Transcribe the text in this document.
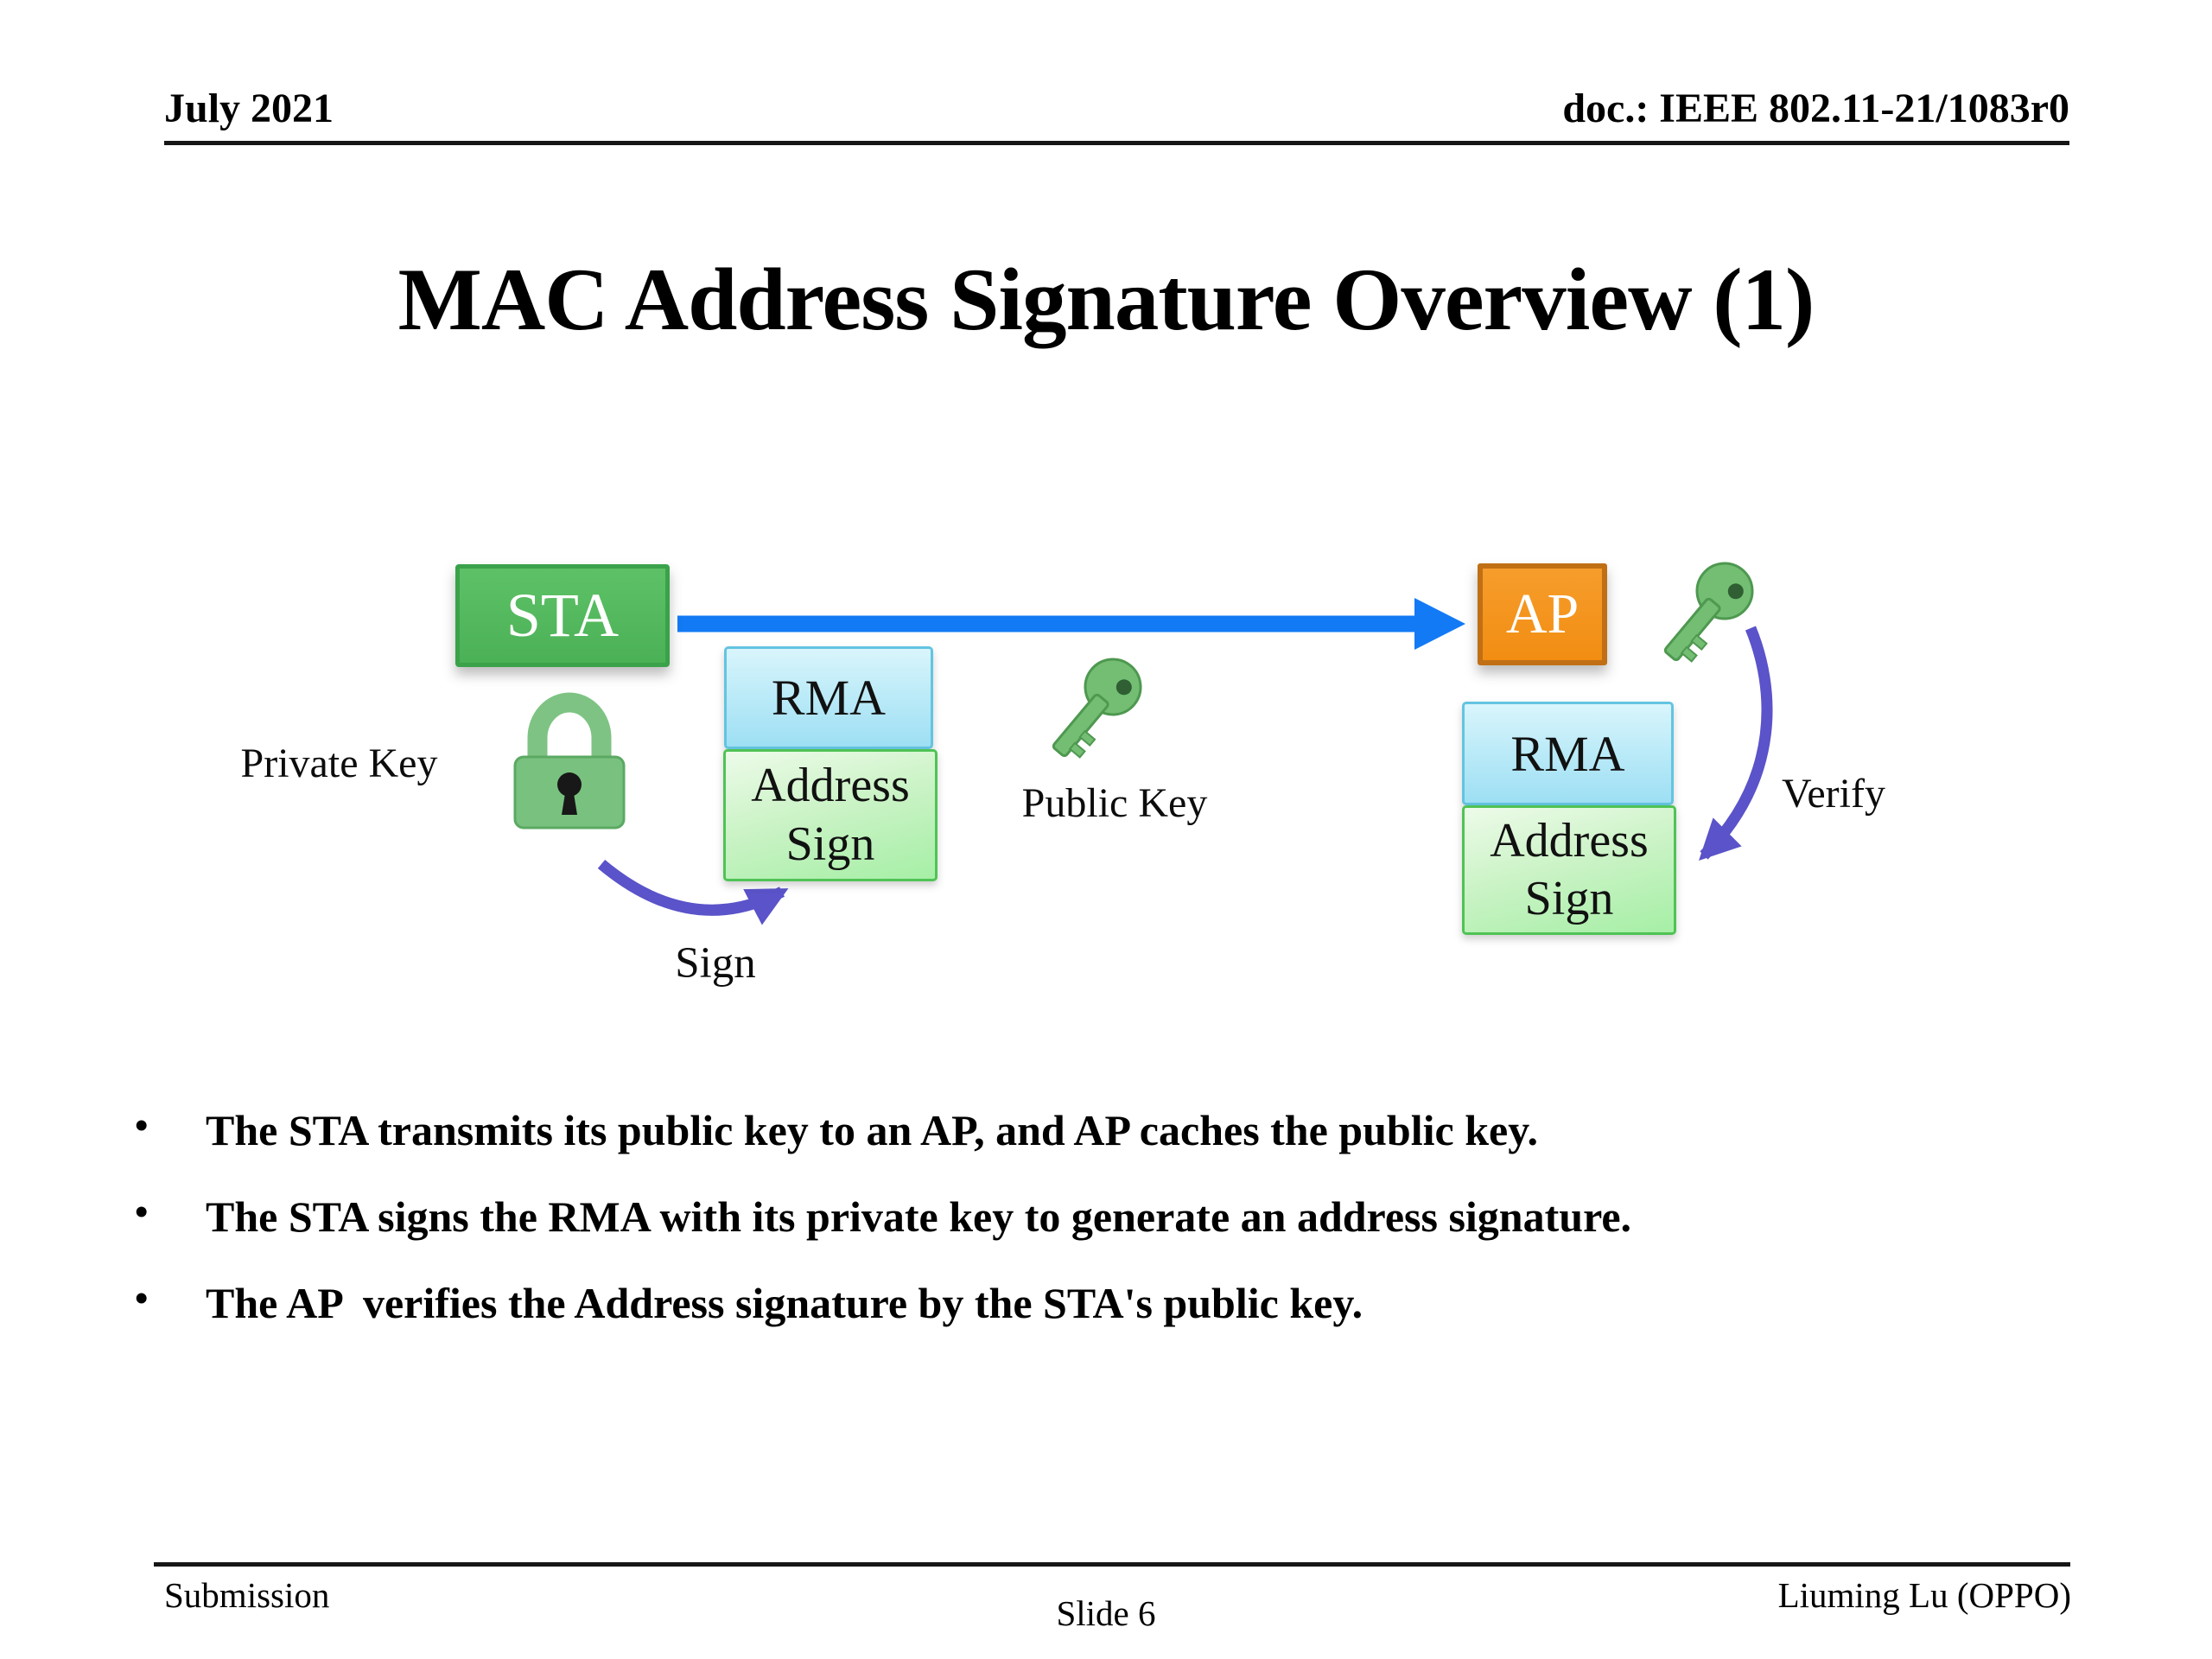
July 2021	doc.: IEEE 802.11-21/1083r0
MAC Address Signature Overview (1)
STA	AP
RMA
Address Sign
RMA
Address Sign
Private Key
Public Key
Sign
Verify
The STA transmits its public key to an AP, and AP caches the public key.
The STA signs the RMA with its private key to generate an address signature.
The AP  verifies the Address signature by the STA's public key.
Submission	Slide 6	Liuming Lu (OPPO)
